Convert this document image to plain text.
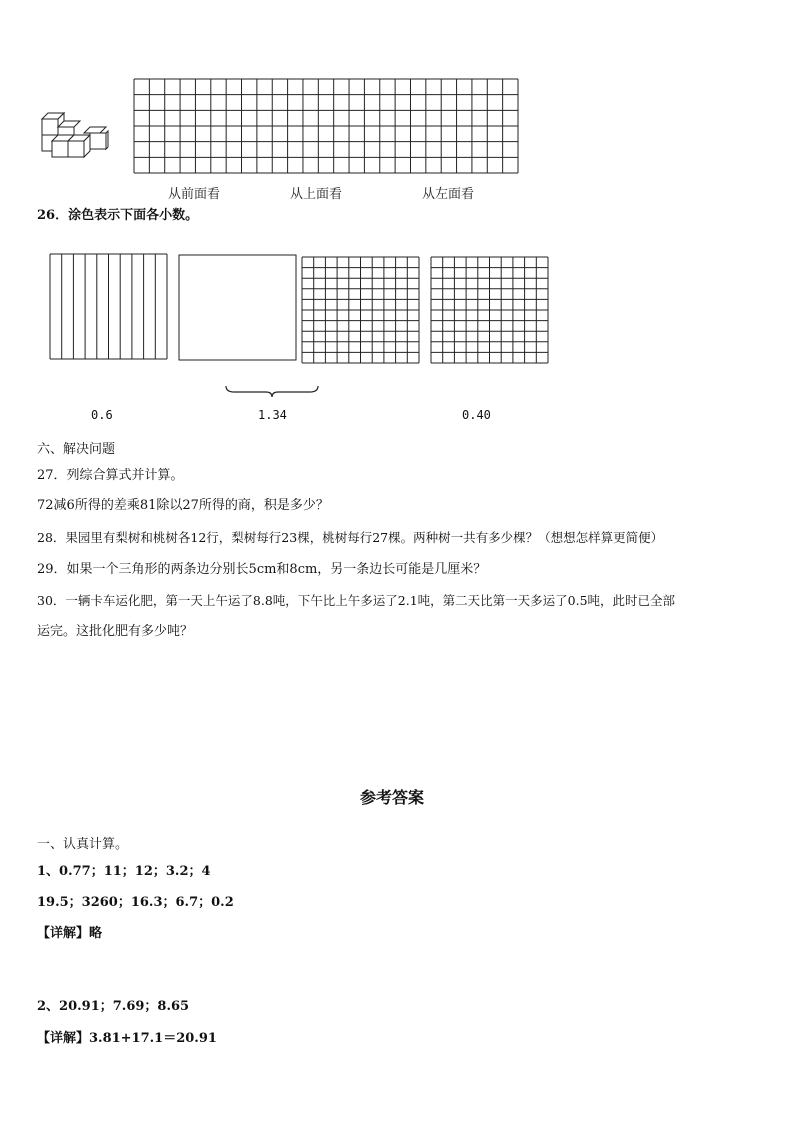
从前面看	从上面看	从左面看
26．涂色表示下面各小数。
0.6	1.34	0.40
六、解决问题
27．列综合算式并计算。
72减6所得的差乘81除以27所得的商，积是多少？
28．果园里有梨树和桃树各12行，梨树每行23棵，桃树每行27棵。两种树一共有多少棵？（想想怎样算更简便）
29．如果一个三角形的两条边分别长5cm和8cm，另一条边长可能是几厘米？
30．一辆卡车运化肥，第一天上午运了8.8吨，下午比上午多运了2.1吨，第二天比第一天多运了0.5吨，此时已全部
运完。这批化肥有多少吨？
参考答案
一、认真计算。
1、0.77；11；12；3.2；4
19.5；3260；16.3；6.7；0.2
【详解】略
2、20.91；7.69；8.65
【详解】3.81+17.1＝20.91
